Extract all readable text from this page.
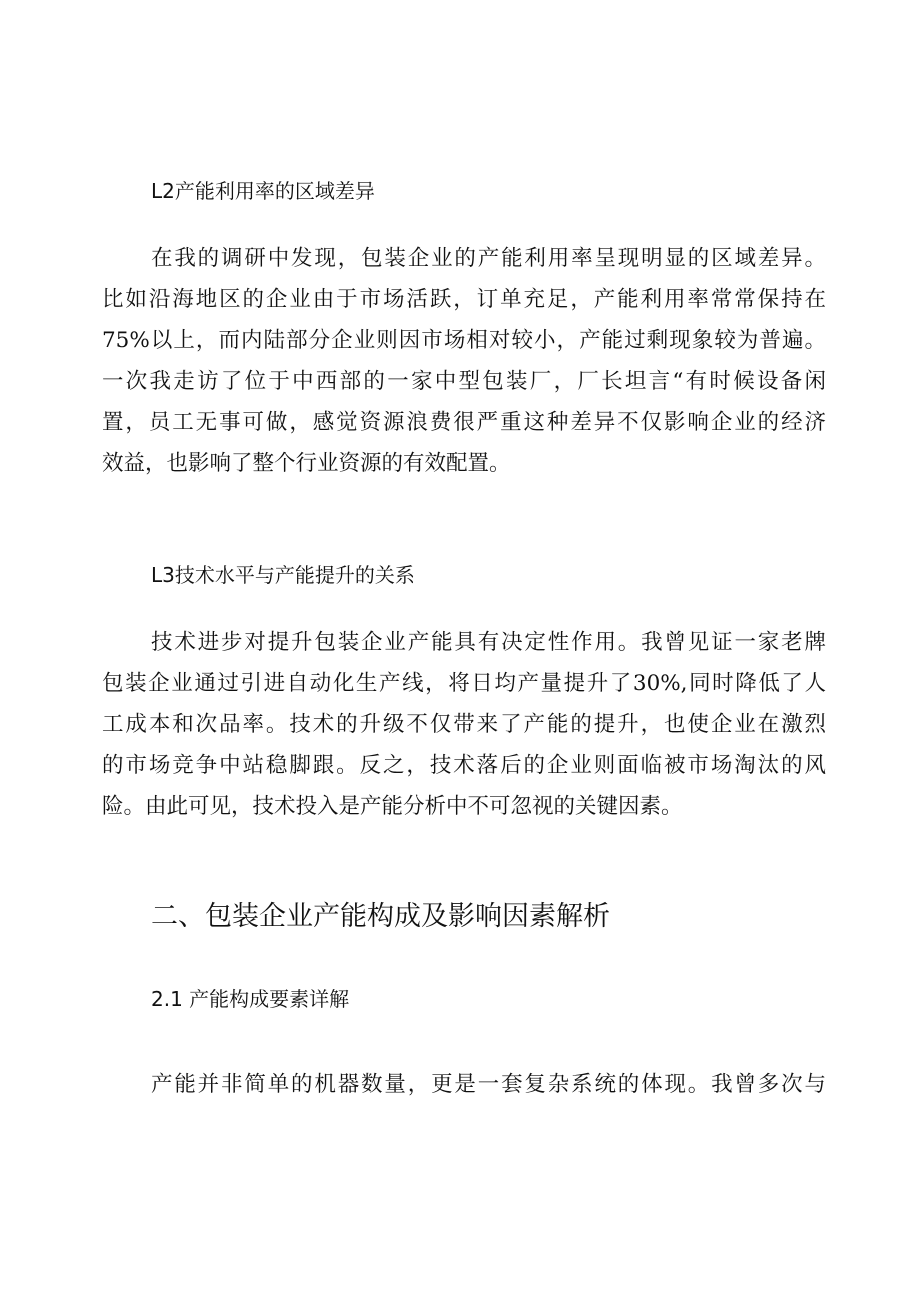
L2产能利用率的区域差异
在我的调研中发现，包装企业的产能利用率呈现明显的区域差异。
比如沿海地区的企业由于市场活跃，订单充足，产能利用率常常保持在
75%以上，而内陆部分企业则因市场相对较小，产能过剩现象较为普遍。
一次我走访了位于中西部的一家中型包装厂，厂长坦言“有时候设备闲
置，员工无事可做，感觉资源浪费很严重这种差异不仅影响企业的经济
效益，也影响了整个行业资源的有效配置。
L3技术水平与产能提升的关系
技术进步对提升包装企业产能具有决定性作用。我曾见证一家老牌
包装企业通过引进自动化生产线，将日均产量提升了30%,同时降低了人
工成本和次品率。技术的升级不仅带来了产能的提升，也使企业在激烈
的市场竞争中站稳脚跟。反之，技术落后的企业则面临被市场淘汰的风
险。由此可见，技术投入是产能分析中不可忽视的关键因素。
二、包装企业产能构成及影响因素解析
2.1 产能构成要素详解
产能并非简单的机器数量，更是一套复杂系统的体现。我曾多次与
